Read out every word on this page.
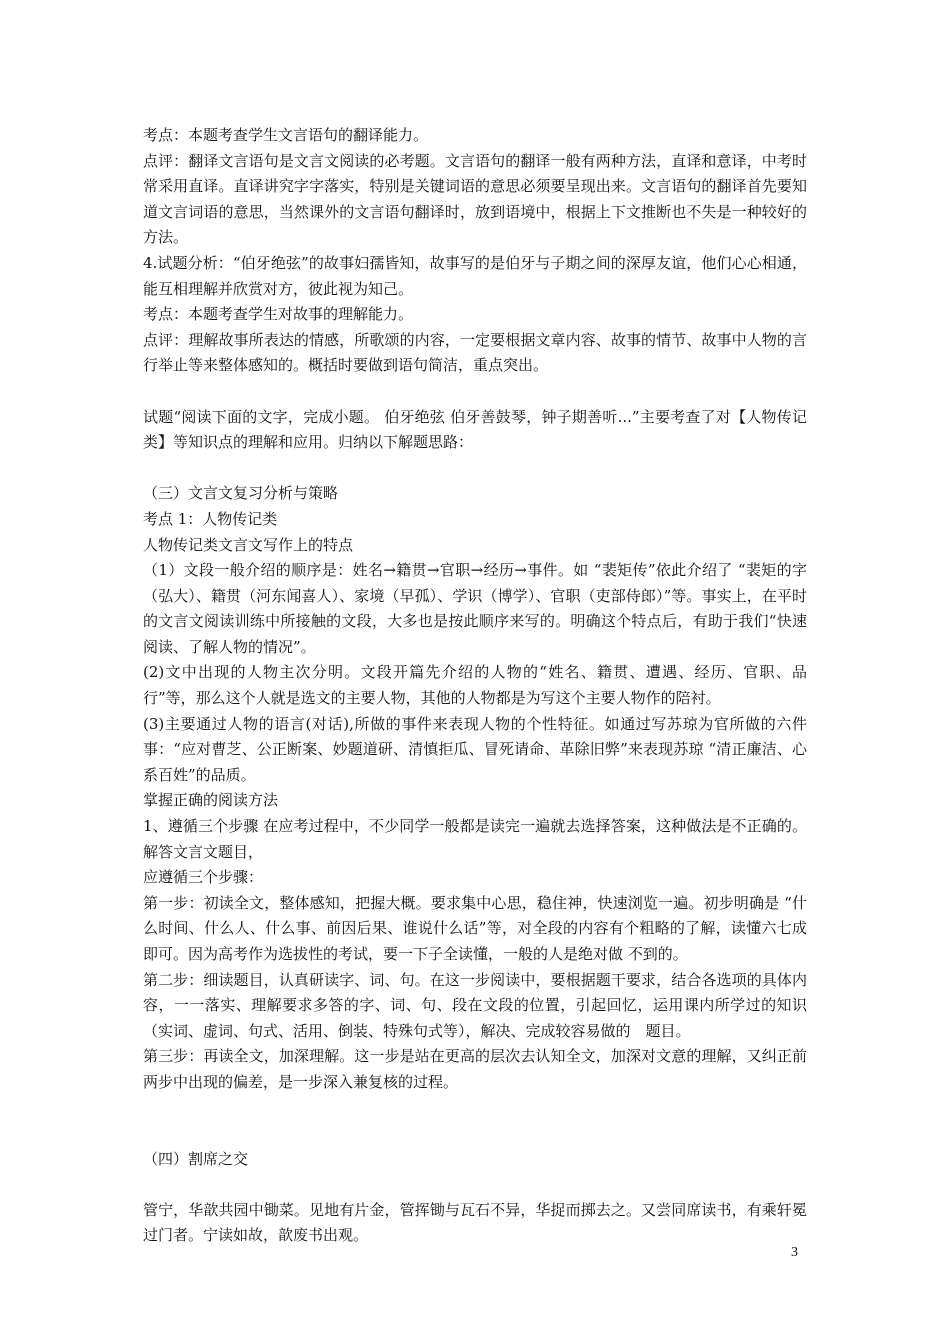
考点：本题考查学生文言语句的翻译能力。

点评：翻译文言语句是文言文阅读的必考题。文言语句的翻译一般有两种方法，直译和意译，中考时常采用直译。直译讲究字字落实，特别是关键词语的意思必须要呈现出来。文言语句的翻译首先要知道文言词语的意思，当然课外的文言语句翻译时，放到语境中，根据上下文推断也不失是一种较好的方法。

4.试题分析：“伯牙绝弦”的故事妇孺皆知，故事写的是伯牙与子期之间的深厚友谊，他们心心相通，能互相理解并欣赏对方，彼此视为知己。

考点：本题考查学生对故事的理解能力。

点评：理解故事所表达的情感，所歌颂的内容，一定要根据文章内容、故事的情节、故事中人物的言行举止等来整体感知的。概括时要做到语句简洁，重点突出。

试题“阅读下面的文字，完成小题。 伯牙绝弦 伯牙善鼓琴，钟子期善听...”主要考查了对【人物传记类】等知识点的理解和应用。归纳以下解题思路：

（三）文言文复习分析与策略

考点 1：人物传记类

人物传记类文言文写作上的特点

（1）文段一般介绍的顺序是：姓名→籍贯→官职→经历→事件。如 “裴矩传”依此介绍了 “裴矩的字（弘大）、籍贯（河东闻喜人）、家境（早孤）、学识（博学）、官职（吏部侍郎）”等。事实上，在平时的文言文阅读训练中所接触的文段，大多也是按此顺序来写的。明确这个特点后，有助于我们“快速阅读、了解人物的情况”。

(2)文中出现的人物主次分明。文段开篇先介绍的人物的“姓名、籍贯、遭遇、经历、官职、品行”等，那么这个人就是选文的主要人物，其他的人物都是为写这个主要人物作的陪衬。

(3)主要通过人物的语言(对话),所做的事件来表现人物的个性特征。如通过写苏琼为官所做的六件事：“应对曹芝、公正断案、妙题道研、清慎拒瓜、冒死请命、革除旧弊”来表现苏琼 “清正廉洁、心系百姓”的品质。

掌握正确的阅读方法

1、遵循三个步骤 在应考过程中，不少同学一般都是读完一遍就去选择答案，这种做法是不正确的。解答文言文题目，

应遵循三个步骤：

第一步：初读全文，整体感知，把握大概。要求集中心思，稳住神，快速浏览一遍。初步明确是 “什么时间、什么人、什么事、前因后果、谁说什么话”等，对全段的内容有个粗略的了解，读懂六七成即可。因为高考作为选拔性的考试，要一下子全读懂，一般的人是绝对做 不到的。

第二步：细读题目，认真研读字、词、句。在这一步阅读中，要根据题干要求，结合各选项的具体内容，一一落实、理解要求多答的字、词、句、段在文段的位置，引起回忆，运用课内所学过的知识（实词、虚词、句式、活用、倒装、特殊句式等），解决、完成较容易做的　题目。

第三步：再读全文，加深理解。这一步是站在更高的层次去认知全文，加深对文意的理解，又纠正前两步中出现的偏差，是一步深入兼复核的过程。

（四）割席之交

管宁，华歆共园中锄菜。见地有片金，管挥锄与瓦石不异，华捉而掷去之。又尝同席读书，有乘轩冕过门者。宁读如故，歆废书出观。

3
